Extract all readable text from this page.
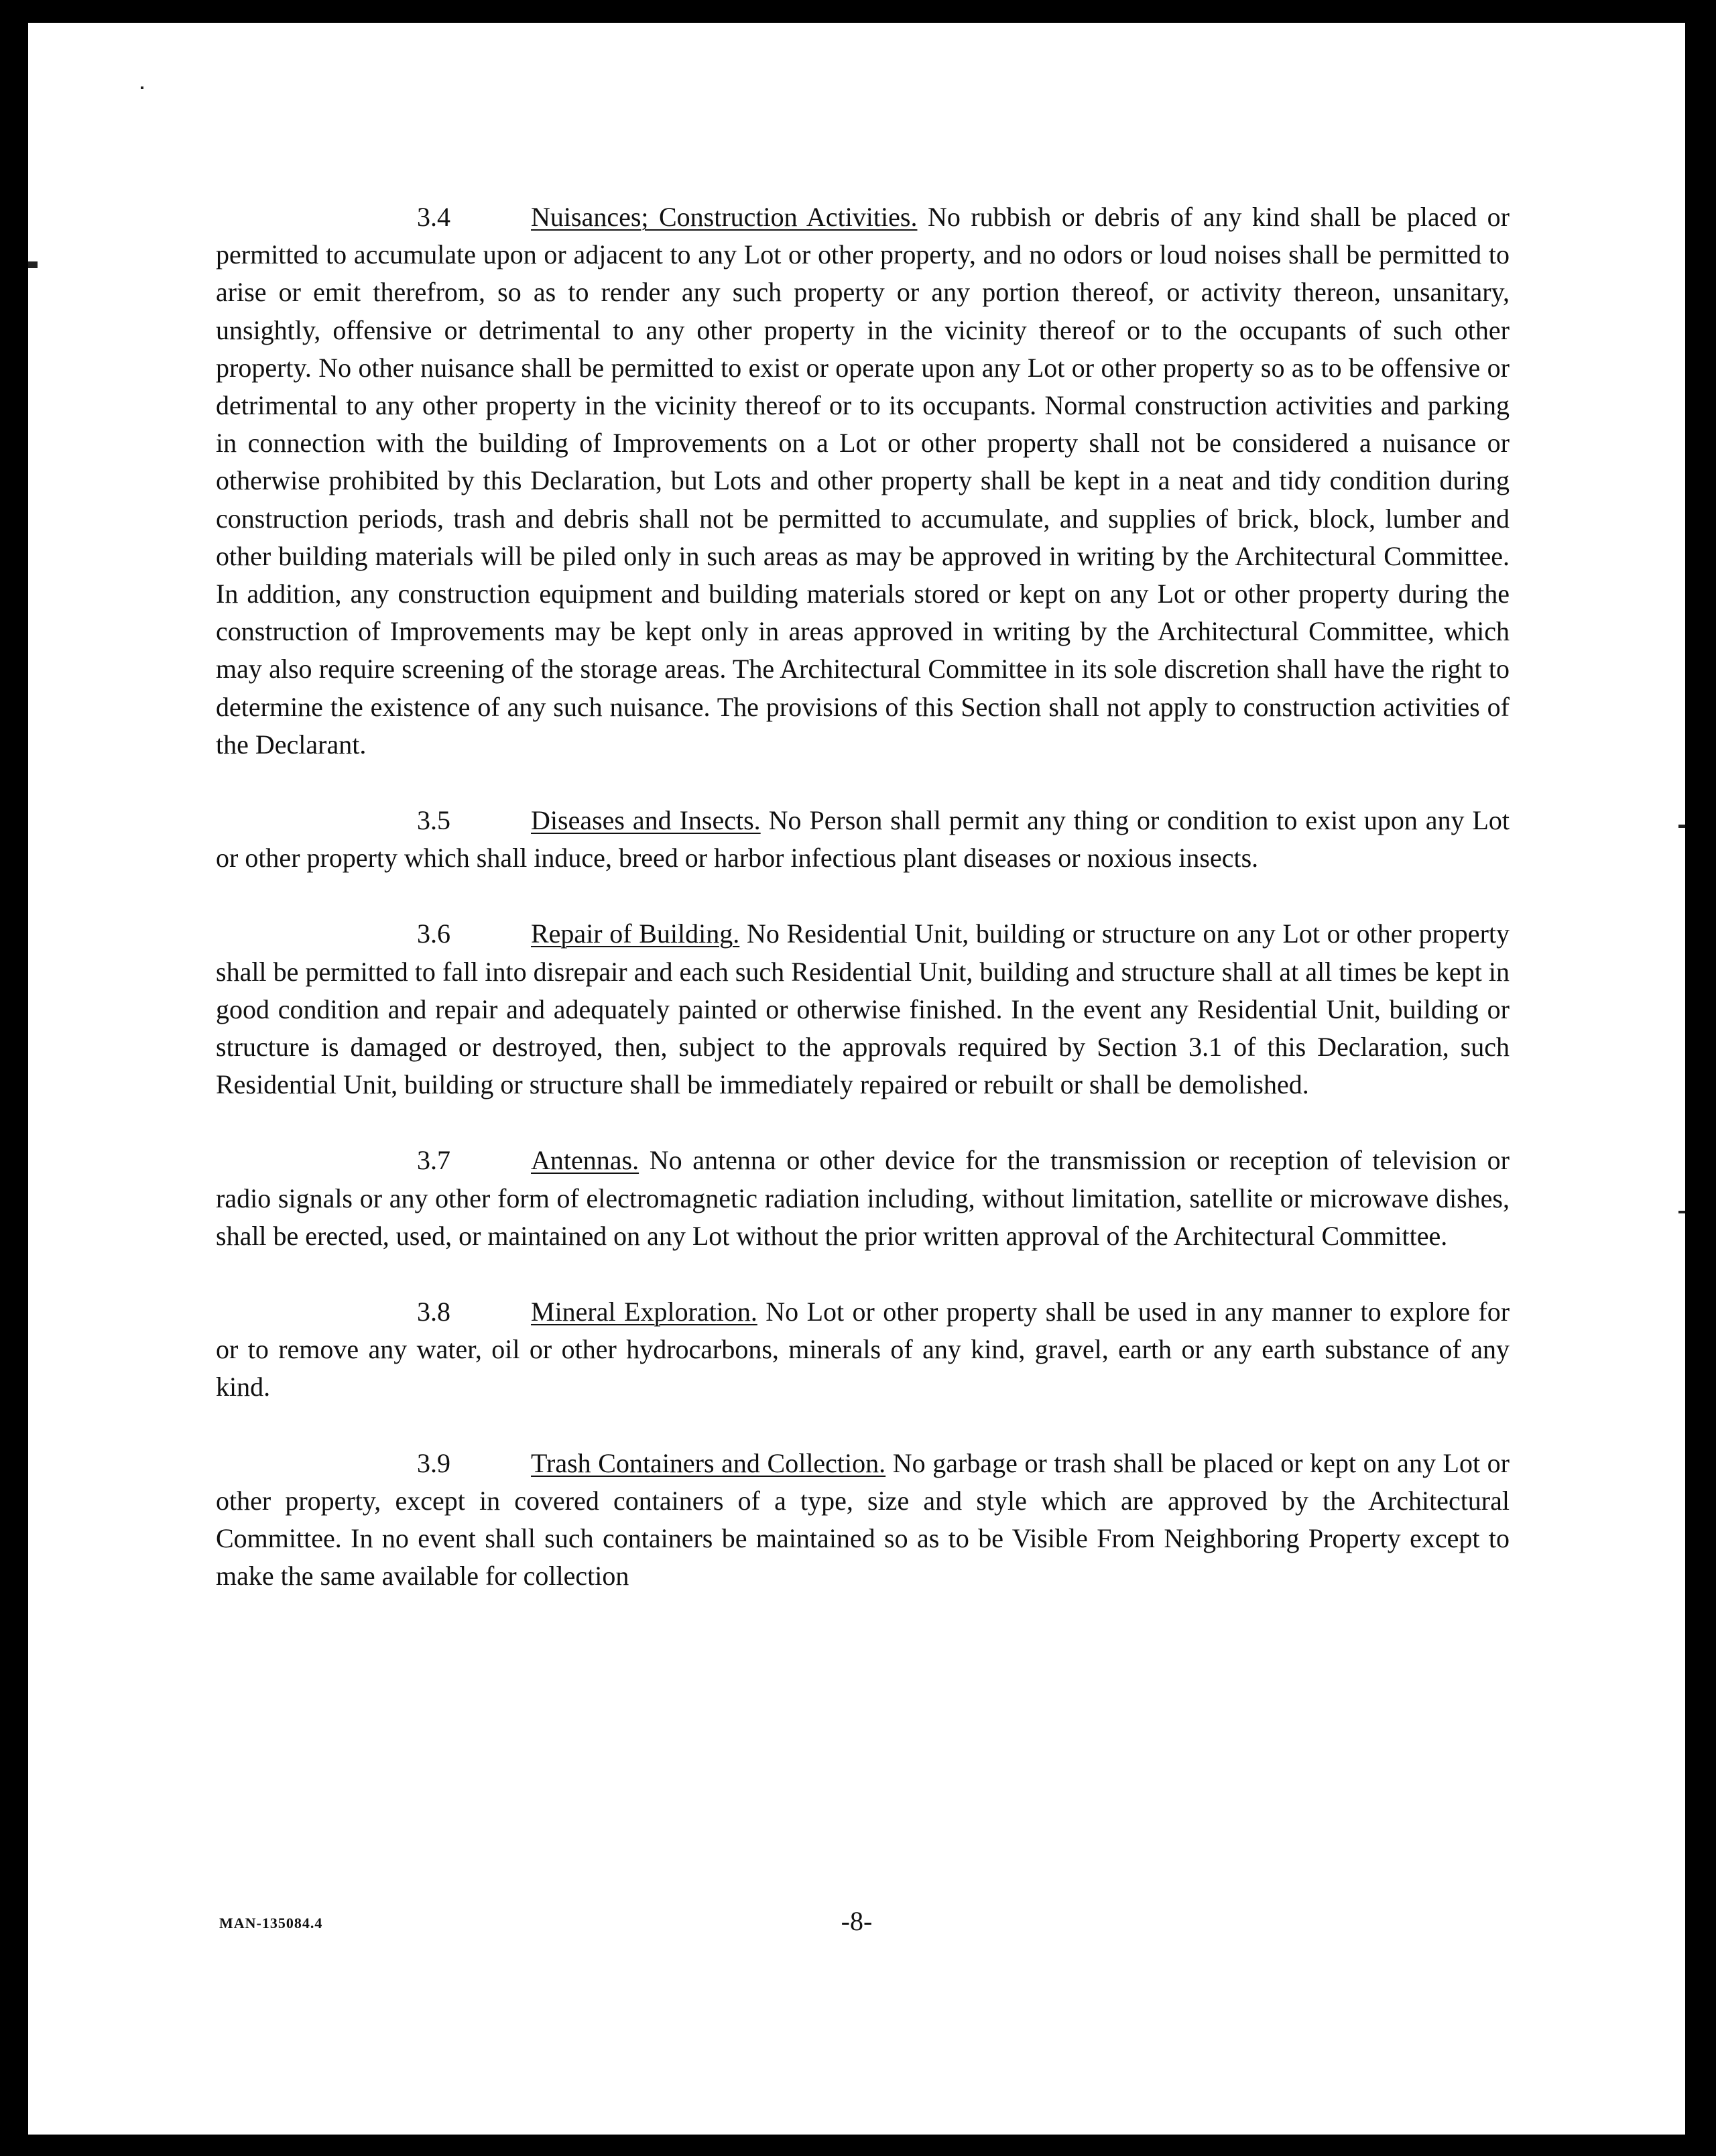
3.4	Nuisances; Construction Activities. No rubbish or debris of any kind shall be placed or permitted to accumulate upon or adjacent to any Lot or other property, and no odors or loud noises shall be permitted to arise or emit therefrom, so as to render any such property or any portion thereof, or activity thereon, unsanitary, unsightly, offensive or detrimental to any other property in the vicinity thereof or to the occupants of such other property. No other nuisance shall be permitted to exist or operate upon any Lot or other property so as to be offensive or detrimental to any other property in the vicinity thereof or to its occupants. Normal construction activities and parking in connection with the building of Improvements on a Lot or other property shall not be considered a nuisance or otherwise prohibited by this Declaration, but Lots and other property shall be kept in a neat and tidy condition during construction periods, trash and debris shall not be permitted to accumulate, and supplies of brick, block, lumber and other building materials will be piled only in such areas as may be approved in writing by the Architectural Committee. In addition, any construction equipment and building materials stored or kept on any Lot or other property during the construction of Improvements may be kept only in areas approved in writing by the Architectural Committee, which may also require screening of the storage areas. The Architectural Committee in its sole discretion shall have the right to determine the existence of any such nuisance. The provisions of this Section shall not apply to construction activities of the Declarant.

3.5	Diseases and Insects. No Person shall permit any thing or condition to exist upon any Lot or other property which shall induce, breed or harbor infectious plant diseases or noxious insects.

3.6	Repair of Building. No Residential Unit, building or structure on any Lot or other property shall be permitted to fall into disrepair and each such Residential Unit, building and structure shall at all times be kept in good condition and repair and adequately painted or otherwise finished. In the event any Residential Unit, building or structure is damaged or destroyed, then, subject to the approvals required by Section 3.1 of this Declaration, such Residential Unit, building or structure shall be immediately repaired or rebuilt or shall be demolished.

3.7	Antennas. No antenna or other device for the transmission or reception of television or radio signals or any other form of electromagnetic radiation including, without limitation, satellite or microwave dishes, shall be erected, used, or maintained on any Lot without the prior written approval of the Architectural Committee.

3.8	Mineral Exploration. No Lot or other property shall be used in any manner to explore for or to remove any water, oil or other hydrocarbons, minerals of any kind, gravel, earth or any earth substance of any kind.

3.9	Trash Containers and Collection. No garbage or trash shall be placed or kept on any Lot or other property, except in covered containers of a type, size and style which are approved by the Architectural Committee. In no event shall such containers be maintained so as to be Visible From Neighboring Property except to make the same available for collection

MAN-135084.4	-8-
